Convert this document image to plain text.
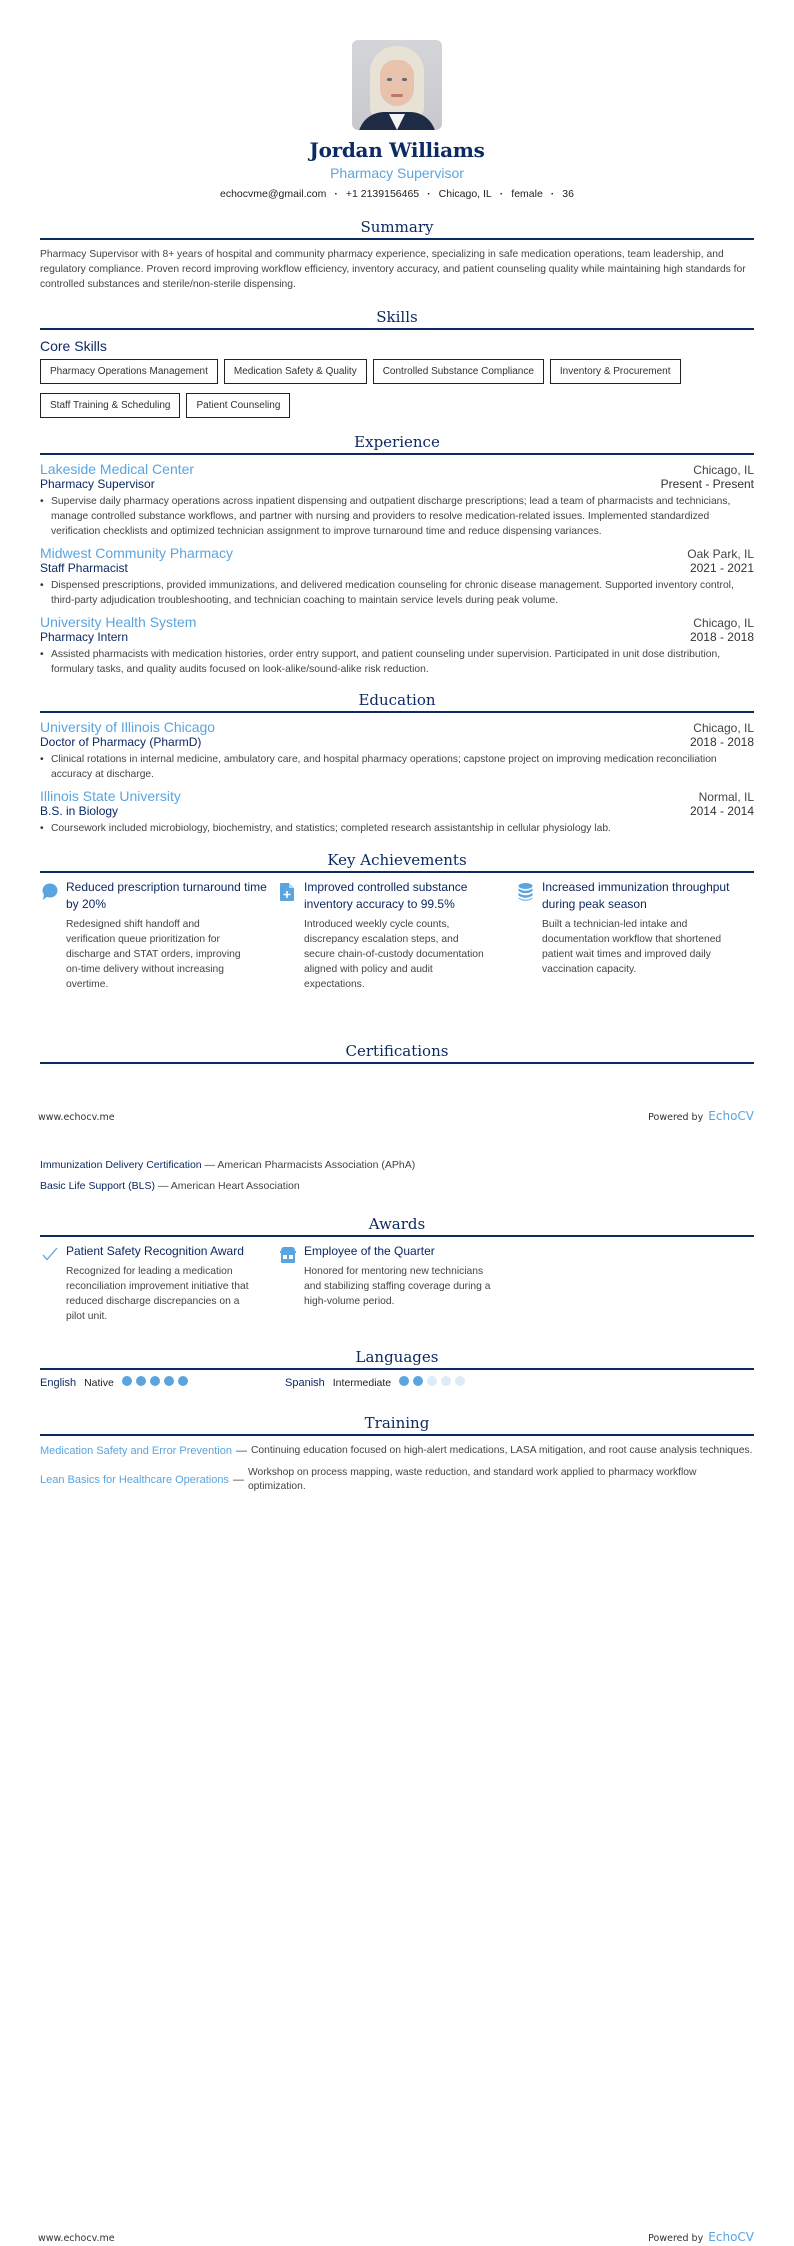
Jordan Williams
Pharmacy Supervisor
echocvme@gmail.com · +1 2139156465 · Chicago, IL · female · 36
Summary
Pharmacy Supervisor with 8+ years of hospital and community pharmacy experience, specializing in safe medication operations, team leadership, and regulatory compliance. Proven record improving workflow efficiency, inventory accuracy, and patient counseling quality while maintaining high standards for controlled substances and sterile/non-sterile dispensing.
Skills
Core Skills
Pharmacy Operations Management	Medication Safety & Quality	Controlled Substance Compliance	Inventory & Procurement
Staff Training & Scheduling	Patient Counseling
Experience
Lakeside Medical Center	Chicago, IL
Pharmacy Supervisor	Present - Present
• Supervise daily pharmacy operations across inpatient dispensing and outpatient discharge prescriptions; lead a team of pharmacists and technicians, manage controlled substance workflows, and partner with nursing and providers to resolve medication-related issues. Implemented standardized verification checklists and optimized technician assignment to improve turnaround time and reduce dispensing variances.
Midwest Community Pharmacy	Oak Park, IL
Staff Pharmacist	2021 - 2021
• Dispensed prescriptions, provided immunizations, and delivered medication counseling for chronic disease management. Supported inventory control, third-party adjudication troubleshooting, and technician coaching to maintain service levels during peak volume.
University Health System	Chicago, IL
Pharmacy Intern	2018 - 2018
• Assisted pharmacists with medication histories, order entry support, and patient counseling under supervision. Participated in unit dose distribution, formulary tasks, and quality audits focused on look-alike/sound-alike risk reduction.
Education
University of Illinois Chicago	Chicago, IL
Doctor of Pharmacy (PharmD)	2018 - 2018
• Clinical rotations in internal medicine, ambulatory care, and hospital pharmacy operations; capstone project on improving medication reconciliation accuracy at discharge.
Illinois State University	Normal, IL
B.S. in Biology	2014 - 2014
• Coursework included microbiology, biochemistry, and statistics; completed research assistantship in cellular physiology lab.
Key Achievements
Reduced prescription turnaround time by 20%
Redesigned shift handoff and verification queue prioritization for discharge and STAT orders, improving on-time delivery without increasing overtime.
Improved controlled substance inventory accuracy to 99.5%
Introduced weekly cycle counts, discrepancy escalation steps, and secure chain-of-custody documentation aligned with policy and audit expectations.
Increased immunization throughput during peak season
Built a technician-led intake and documentation workflow that shortened patient wait times and improved daily vaccination capacity.
Certifications
Immunization Delivery Certification — American Pharmacists Association (APhA)
Basic Life Support (BLS) — American Heart Association
Awards
Patient Safety Recognition Award
Recognized for leading a medication reconciliation improvement initiative that reduced discharge discrepancies on a pilot unit.
Employee of the Quarter
Honored for mentoring new technicians and stabilizing staffing coverage during a high-volume period.
Languages
English Native	Spanish Intermediate
Training
Medication Safety and Error Prevention — Continuing education focused on high-alert medications, LASA mitigation, and root cause analysis techniques.
Lean Basics for Healthcare Operations —
Workshop on process mapping, waste reduction, and standard work applied to pharmacy workflow optimization.
www.echocv.me	Powered by EchoCV
www.echocv.me	Powered by EchoCV
